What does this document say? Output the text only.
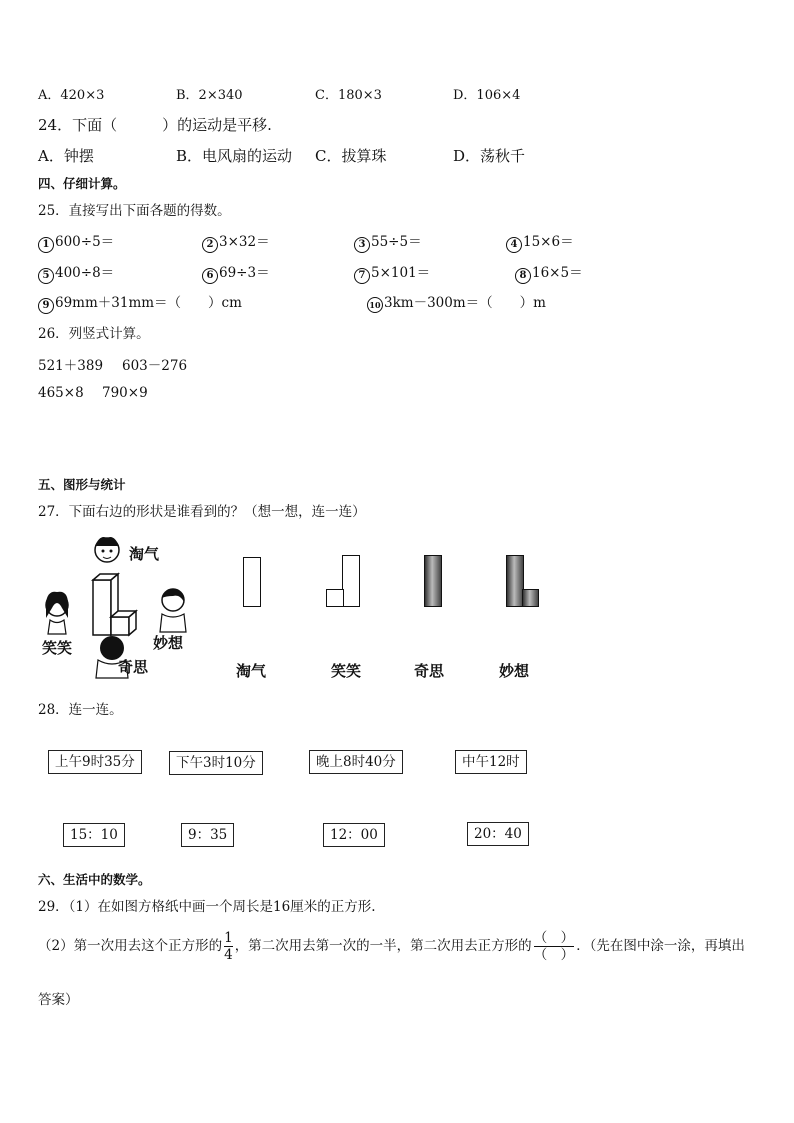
A．420×3	B．2×340	C．180×3	D．106×4
24．下面（　　　）的运动是平移.
A．钟摆	B．电风扇的运动 C．拔算珠	D．荡秋千
四、仔细计算。
25．直接写出下面各题的得数。
1 600÷5＝	2 3×32＝	3 55÷5＝	4 15×6＝
5 400÷8＝	6 69÷3＝	7 5×101＝	8 16×5＝
9 69mm＋31mm＝（　　）cm	10 3km－300m＝（　　）m
26．列竖式计算。
521＋389 603－276
465×8 790×9
五、图形与统计
27．下面右边的形状是谁看到的？（想一想，连一连）
淘气
笑笑	妙想
奇思	淘气	笑笑	奇思	妙想
28．连一连。
上午9时35分	下午3时10分	晚上8时40分	中午12时
15：10	9：35	12：00	20：40
六、生活中的数学。
29．（1）在如图方格纸中画一个周长是16厘米的正方形.
（2）第一次用去这个正方形的 $\frac{1}{4}$ ，第二次用去第一次的一半，第二次用去正方形的 $\frac{( )}{( )}$ ．（先在图中涂一涂，再填出
答案）
